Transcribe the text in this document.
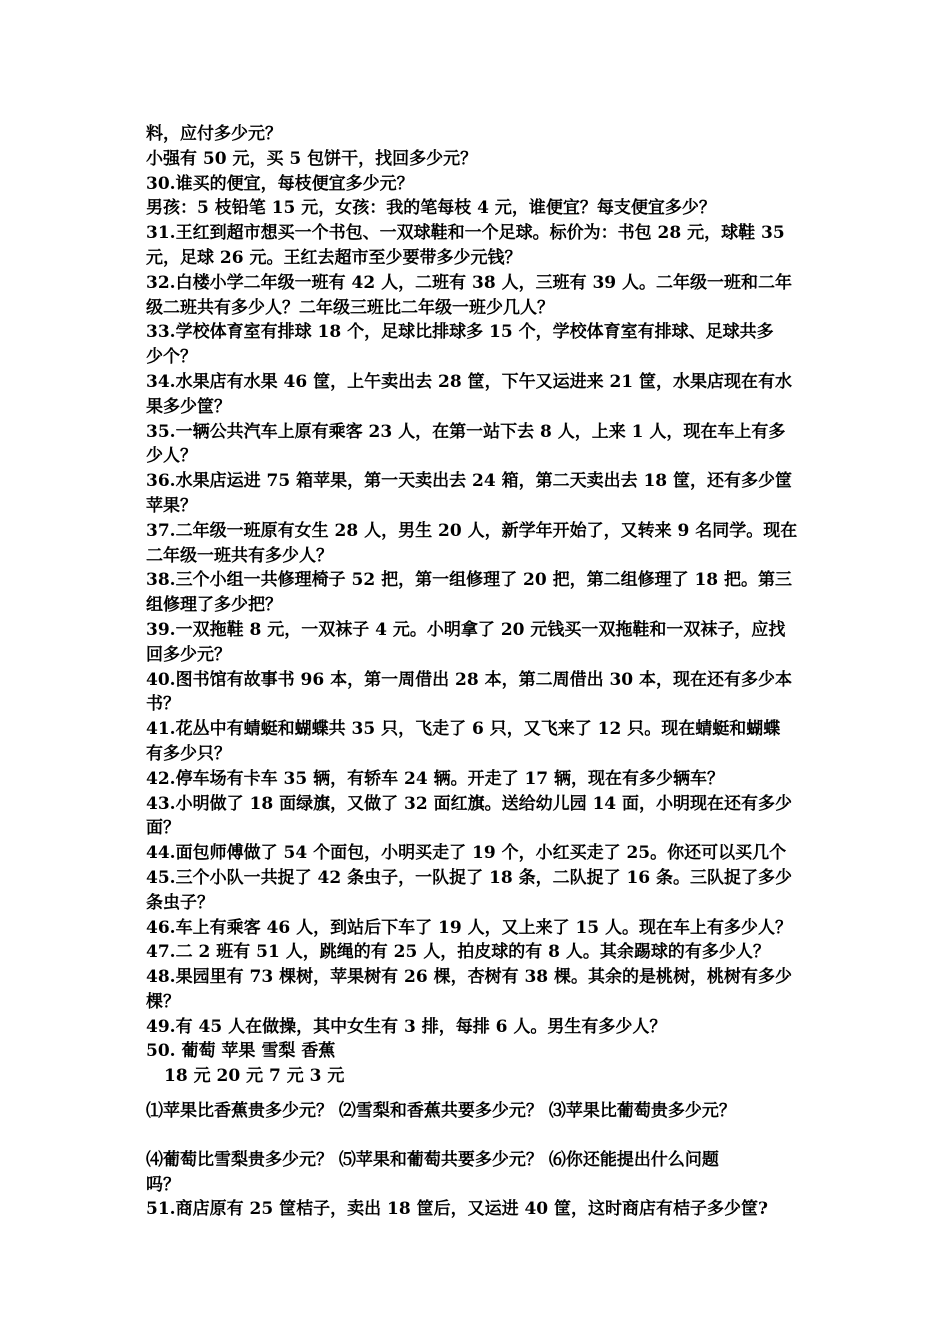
料，应付多少元？
小强有 50 元，买 5 包饼干，找回多少元？
30.谁买的便宜，每枝便宜多少元？
男孩：5 枝铅笔 15 元，女孩：我的笔每枝 4 元，谁便宜？每支便宜多少？
31.王红到超市想买一个书包、一双球鞋和一个足球。标价为：书包 28 元，球鞋 35
元，足球 26 元。王红去超市至少要带多少元钱？
32.白楼小学二年级一班有 42 人，二班有 38 人，三班有 39 人。二年级一班和二年
级二班共有多少人？二年级三班比二年级一班少几人？
33.学校体育室有排球 18 个，足球比排球多 15 个，学校体育室有排球、足球共多
少个？
34.水果店有水果 46 筐，上午卖出去 28 筐，下午又运进来 21 筐，水果店现在有水
果多少筐？
35.一辆公共汽车上原有乘客 23 人，在第一站下去 8 人，上来 1 人，现在车上有多
少人？
36.水果店运进 75 箱苹果，第一天卖出去 24 箱，第二天卖出去 18 筐，还有多少筐
苹果？
37.二年级一班原有女生 28 人，男生 20 人，新学年开始了，又转来 9 名同学。现在
二年级一班共有多少人？
38.三个小组一共修理椅子 52 把，第一组修理了 20 把，第二组修理了 18 把。第三
组修理了多少把？
39.一双拖鞋 8 元，一双袜子 4 元。小明拿了 20 元钱买一双拖鞋和一双袜子，应找
回多少元？
40.图书馆有故事书 96 本，第一周借出 28 本，第二周借出 30 本，现在还有多少本
书？
41.花丛中有蜻蜓和蝴蝶共 35 只，飞走了 6 只，又飞来了 12 只。现在蜻蜓和蝴蝶
有多少只？
42.停车场有卡车 35 辆，有轿车 24 辆。开走了 17 辆，现在有多少辆车？
43.小明做了 18 面绿旗，又做了 32 面红旗。送给幼儿园 14 面，小明现在还有多少
面？
44.面包师傅做了 54 个面包，小明买走了 19 个，小红买走了 25。你还可以买几个
45.三个小队一共捉了 42 条虫子，一队捉了 18 条，二队捉了 16 条。三队捉了多少
条虫子？
46.车上有乘客 46 人，到站后下车了 19 人，又上来了 15 人。现在车上有多少人？
47.二 2 班有 51 人，跳绳的有 25 人，拍皮球的有 8 人。其余踢球的有多少人？
48.果园里有 73 棵树，苹果树有 26 棵，杏树有 38 棵。其余的是桃树，桃树有多少
棵？
49.有 45 人在做操，其中女生有 3 排，每排 6 人。男生有多少人？
50. 葡萄 苹果 雪梨 香蕉
18 元 20 元 7 元 3 元
⑴苹果比香蕉贵多少元？ ⑵雪梨和香蕉共要多少元？ ⑶苹果比葡萄贵多少元？
⑷葡萄比雪梨贵多少元？ ⑸苹果和葡萄共要多少元？ ⑹你还能提出什么问题
吗？
51.商店原有 25 筐桔子，卖出 18 筐后，又运进 40 筐，这时商店有桔子多少筐?
